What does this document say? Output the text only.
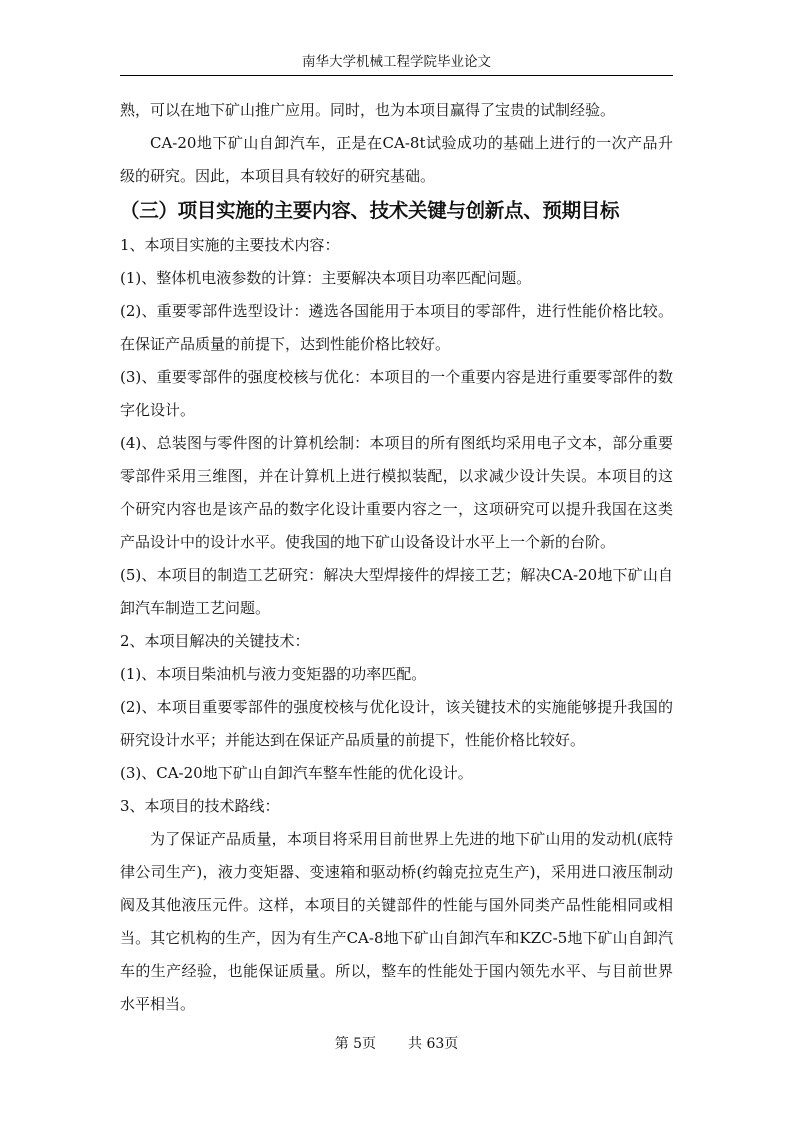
南华大学机械工程学院毕业论文

熟，可以在地下矿山推广应用。同时，也为本项目赢得了宝贵的试制经验。

CA-20地下矿山自卸汽车，正是在CA-8t试验成功的基础上进行的一次产品升级的研究。因此，本项目具有较好的研究基础。

（三）项目实施的主要内容、技术关键与创新点、预期目标

1、本项目实施的主要技术内容：

(1)、整体机电液参数的计算：主要解决本项目功率匹配问题。

(2)、重要零部件选型设计：遴选各国能用于本项目的零部件，进行性能价格比较。在保证产品质量的前提下，达到性能价格比较好。

(3)、重要零部件的强度校核与优化：本项目的一个重要内容是进行重要零部件的数字化设计。

(4)、总装图与零件图的计算机绘制：本项目的所有图纸均采用电子文本，部分重要零部件采用三维图，并在计算机上进行模拟装配，以求减少设计失误。本项目的这个研究内容也是该产品的数字化设计重要内容之一，这项研究可以提升我国在这类产品设计中的设计水平。使我国的地下矿山设备设计水平上一个新的台阶。

(5)、本项目的制造工艺研究：解决大型焊接件的焊接工艺；解决CA-20地下矿山自卸汽车制造工艺问题。

2、本项目解决的关键技术：

(1)、本项目柴油机与液力变矩器的功率匹配。

(2)、本项目重要零部件的强度校核与优化设计，该关键技术的实施能够提升我国的研究设计水平；并能达到在保证产品质量的前提下，性能价格比较好。

(3)、CA-20地下矿山自卸汽车整车性能的优化设计。

3、本项目的技术路线：

为了保证产品质量，本项目将采用目前世界上先进的地下矿山用的发动机(底特律公司生产)，液力变矩器、变速箱和驱动桥(约翰克拉克生产)，采用进口液压制动阀及其他液压元件。这样，本项目的关键部件的性能与国外同类产品性能相同或相当。其它机构的生产，因为有生产CA-8地下矿山自卸汽车和KZC-5地下矿山自卸汽车的生产经验，也能保证质量。所以，整车的性能处于国内领先水平、与目前世界水平相当。

第 5页 共 63页
